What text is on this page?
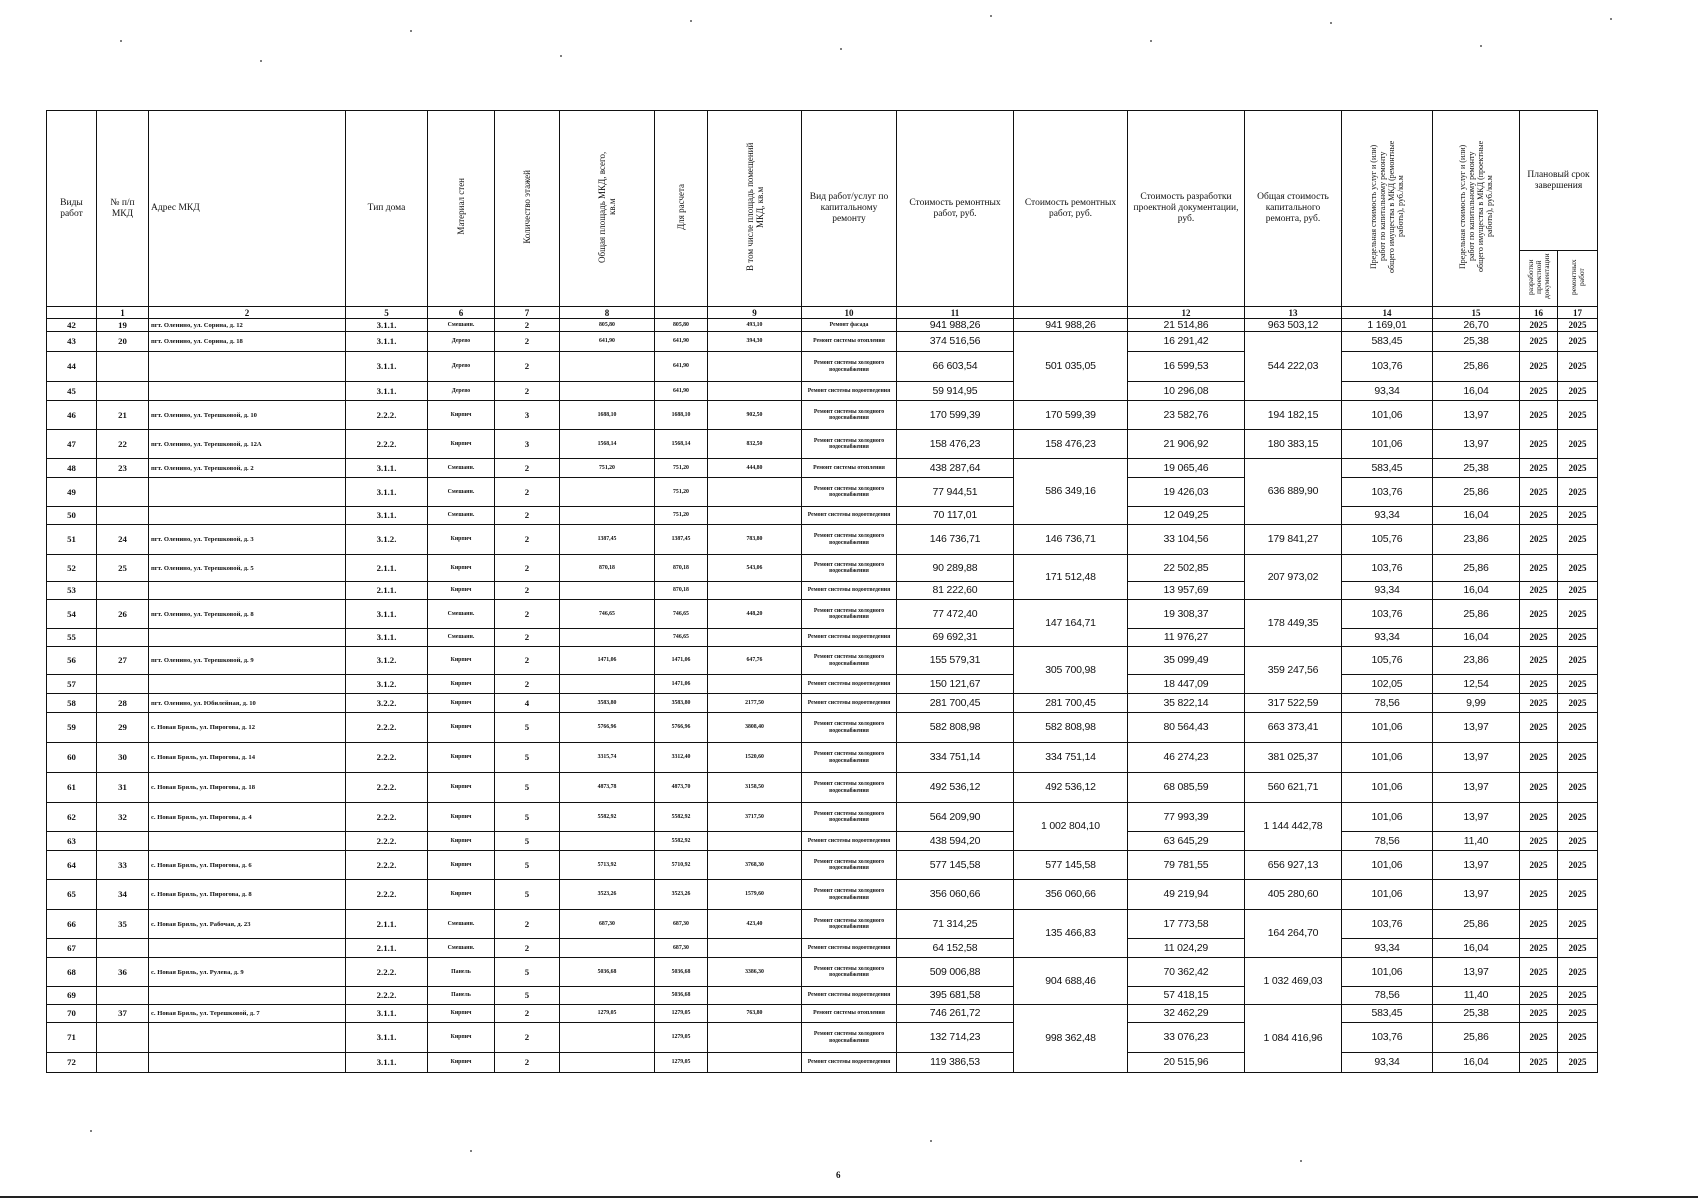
Виды работ	№ п/п МКД	Адрес МКД	Тип дома	Материал стен	Количество этажей	Общая площадь МКД, всего, кв.м	Для расчета	В том числе площадь помещений МКД, кв.м	Вид работ/услуг по капитальному ремонту	Стоимость ремонтных работ, руб.	Стоимость ремонтных работ, руб.	Стоимость разработки проектной документации, руб.	Общая стоимость капитального ремонта, руб.	Предельная стоимость услуг и (или) работ по капитальному ремонту общего имущества в МКД (ремонтные работы), руб./кв.м	Предельная стоимость услуг и (или) работ по капитальному ремонту общего имущества в МКД (проектные работы), руб./кв.м	Плановый срок завершения	
																разработки проектной документации	ремонтных работ
	1	2	5	6	7	8		9	10	11		12	13	14	15	16	17
42	19	пгт. Оленино, ул. Сорина, д. 12	3.1.1.	Смешанн.	2	805,80	805,80	493,10	Ремонт фасада	941 988,26	941 988,26	21 514,86	963 503,12	1 169,01	26,70	2025	2025
43	20	пгт. Оленино, ул. Сорина, д. 18	3.1.1.	Дерево	2	641,90	641,90	394,30	Ремонт системы отопления	374 516,56	501 035,05	16 291,42	544 222,03	583,45	25,38	2025	2025
44			3.1.1.	Дерево	2		641,90		Ремонт системы холодного водоснабжения	66 603,54		16 599,53		103,76	25,86	2025	2025
45			3.1.1.	Дерево	2		641,90		Ремонт системы водоотведения	59 914,95		10 296,08		93,34	16,04	2025	2025
46	21	пгт. Оленино, ул. Терешковой, д. 10	2.2.2.	Кирпич	3	1688,10	1688,10	902,50	Ремонт системы холодного водоснабжения	170 599,39	170 599,39	23 582,76	194 182,15	101,06	13,97	2025	2025
47	22	пгт. Оленино, ул. Терешковой, д. 12А	2.2.2.	Кирпич	3	1568,14	1568,14	832,50	Ремонт системы холодного водоснабжения	158 476,23	158 476,23	21 906,92	180 383,15	101,06	13,97	2025	2025
48	23	пгт. Оленино, ул. Терешковой, д. 2	3.1.1.	Смешанн.	2	751,20	751,20	444,80	Ремонт системы отопления	438 287,64	586 349,16	19 065,46	636 889,90	583,45	25,38	2025	2025
49			3.1.1.	Смешанн.	2		751,20		Ремонт системы холодного водоснабжения	77 944,51		19 426,03		103,76	25,86	2025	2025
50			3.1.1.	Смешанн.	2		751,20		Ремонт системы водоотведения	70 117,01		12 049,25		93,34	16,04	2025	2025
51	24	пгт. Оленино, ул. Терешковой, д. 3	3.1.2.	Кирпич	2	1387,45	1387,45	783,80	Ремонт системы холодного водоснабжения	146 736,71	146 736,71	33 104,56	179 841,27	105,76	23,86	2025	2025
52	25	пгт. Оленино, ул. Терешковой, д. 5	2.1.1.	Кирпич	2	870,18	870,18	543,06	Ремонт системы холодного водоснабжения	90 289,88	171 512,48	22 502,85	207 973,02	103,76	25,86	2025	2025
53			2.1.1.	Кирпич	2		870,18		Ремонт системы водоотведения	81 222,60		13 957,69		93,34	16,04	2025	2025
54	26	пгт. Оленино, ул. Терешковой, д. 8	3.1.1.	Смешанн.	2	746,65	746,65	448,20	Ремонт системы холодного водоснабжения	77 472,40	147 164,71	19 308,37	178 449,35	103,76	25,86	2025	2025
55			3.1.1.	Смешанн.	2		746,65		Ремонт системы водоотведения	69 692,31		11 976,27		93,34	16,04	2025	2025
56	27	пгт. Оленино, ул. Терешковой, д. 9	3.1.2.	Кирпич	2	1471,06	1471,06	647,76	Ремонт системы холодного водоснабжения	155 579,31	305 700,98	35 099,49	359 247,56	105,76	23,86	2025	2025
57			3.1.2.	Кирпич	2		1471,06		Ремонт системы водоотведения	150 121,67		18 447,09		102,05	12,54	2025	2025
58	28	пгт. Оленино, ул. Юбилейная, д. 10	3.2.2.	Кирпич	4	3583,80	3583,80	2177,50	Ремонт системы водоотведения	281 700,45	281 700,45	35 822,14	317 522,59	78,56	9,99	2025	2025
59	29	с. Новая Бряль, ул. Пирогова, д. 12	2.2.2.	Кирпич	5	5766,96	5766,96	3808,40	Ремонт системы холодного водоснабжения	582 808,98	582 808,98	80 564,43	663 373,41	101,06	13,97	2025	2025
60	30	с. Новая Бряль, ул. Пирогова, д. 14	2.2.2.	Кирпич	5	3315,74	3312,40	1520,60	Ремонт системы холодного водоснабжения	334 751,14	334 751,14	46 274,23	381 025,37	101,06	13,97	2025	2025
61	31	с. Новая Бряль, ул. Пирогова, д. 18	2.2.2.	Кирпич	5	4873,78	4873,70	3158,50	Ремонт системы холодного водоснабжения	492 536,12	492 536,12	68 085,59	560 621,71	101,06	13,97	2025	2025
62	32	с. Новая Бряль, ул. Пирогова, д. 4	2.2.2.	Кирпич	5	5582,92	5582,92	3717,50	Ремонт системы холодного водоснабжения	564 209,90	1 002 804,10	77 993,39	1 144 442,78	101,06	13,97	2025	2025
63			2.2.2.	Кирпич	5		5582,92		Ремонт системы водоотведения	438 594,20		63 645,29		78,56	11,40	2025	2025
64	33	с. Новая Бряль, ул. Пирогова, д. 6	2.2.2.	Кирпич	5	5713,92	5710,92	3768,30	Ремонт системы холодного водоснабжения	577 145,58	577 145,58	79 781,55	656 927,13	101,06	13,97	2025	2025
65	34	с. Новая Бряль, ул. Пирогова, д. 8	2.2.2.	Кирпич	5	3523,26	3523,26	1579,60	Ремонт системы холодного водоснабжения	356 060,66	356 060,66	49 219,94	405 280,60	101,06	13,97	2025	2025
66	35	с. Новая Бряль, ул. Рабочая, д. 23	2.1.1.	Смешанн.	2	687,30	687,30	423,40	Ремонт системы холодного водоснабжения	71 314,25	135 466,83	17 773,58	164 264,70	103,76	25,86	2025	2025
67			2.1.1.	Смешанн.	2		687,30		Ремонт системы водоотведения	64 152,58		11 024,29		93,34	16,04	2025	2025
68	36	с. Новая Бряль, ул. Рулева, д. 9	2.2.2.	Панель	5	5036,68	5036,68	3386,30	Ремонт системы холодного водоснабжения	509 006,88	904 688,46	70 362,42	1 032 469,03	101,06	13,97	2025	2025
69			2.2.2.	Панель	5		5036,68		Ремонт системы водоотведения	395 681,58		57 418,15		78,56	11,40	2025	2025
70	37	с. Новая Бряль, ул. Терешковой, д. 7	3.1.1.	Кирпич	2	1279,05	1279,05	763,80	Ремонт системы отопления	746 261,72	998 362,48	32 462,29	1 084 416,96	583,45	25,38	2025	2025
71			3.1.1.	Кирпич	2		1279,05		Ремонт системы холодного водоснабжения	132 714,23		33 076,23		103,76	25,86	2025	2025
72			3.1.1.	Кирпич	2		1279,05		Ремонт системы водоотведения	119 386,53		20 515,96		93,34	16,04	2025	2025
6
